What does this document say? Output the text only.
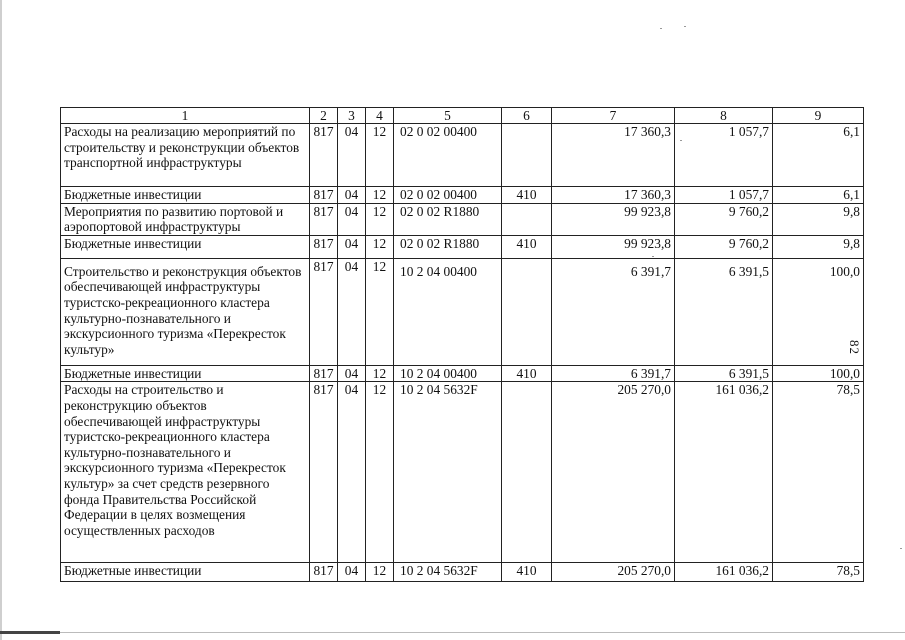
82
1	2	3	4	5	6	7	8	9
Расходы на реализацию мероприятий по строительству и реконструкции объектов транспортной инфраструктуры	817	04	12	02 0 02 00400		17 360,3	1 057,7	6,1
Бюджетные инвестиции	817	04	12	02 0 02 00400	410	17 360,3	1 057,7	6,1
Мероприятия по развитию портовой и аэропортовой инфраструктуры	817	04	12	02 0 02 R1880		99 923,8	9 760,2	9,8
Бюджетные инвестиции	817	04	12	02 0 02 R1880	410	99 923,8	9 760,2	9,8
Строительство и реконструкция объектов обеспечивающей инфраструктуры туристско-рекреационного кластера культурно-познавательного и экскурсионного туризма «Перекресток культур»	817	04	12	10 2 04 00400		6 391,7	6 391,5	100,0
Бюджетные инвестиции	817	04	12	10 2 04 00400	410	6 391,7	6 391,5	100,0
Расходы на строительство и реконструкцию объектов обеспечивающей инфраструктуры туристско-рекреационного кластера культурно-познавательного и экскурсионного туризма «Перекресток культур» за счет средств резервного фонда Правительства Российской Федерации в целях возмещения осуществленных расходов	817	04	12	10 2 04 5632F		205 270,0	161 036,2	78,5
Бюджетные инвестиции	817	04	12	10 2 04 5632F	410	205 270,0	161 036,2	78,5
